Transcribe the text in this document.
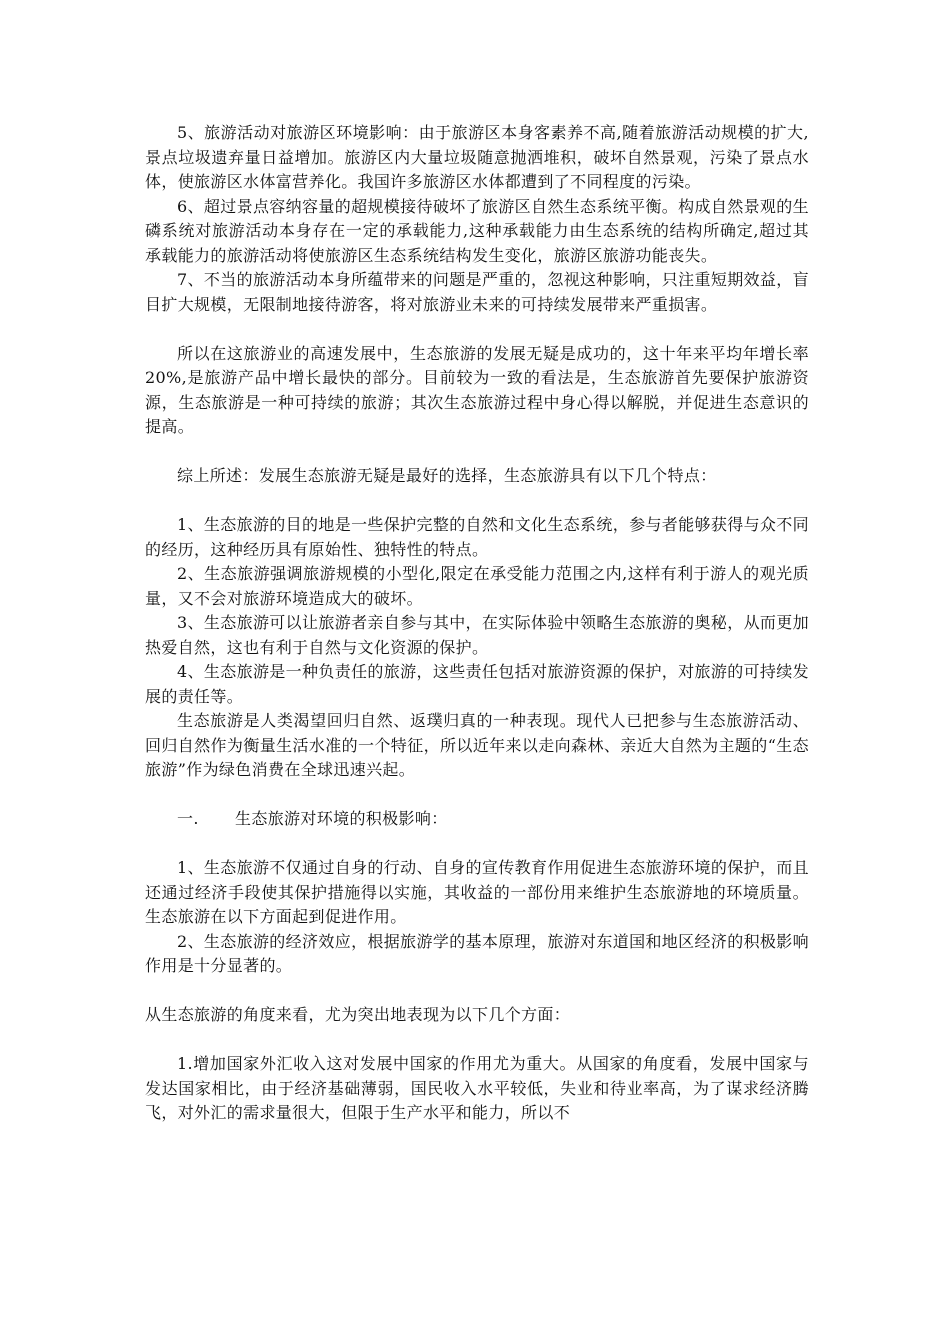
5、旅游活动对旅游区环境影响：由于旅游区本身客素养不高,随着旅游活动规模的扩大,景点垃圾遗弃量日益增加。旅游区内大量垃圾随意抛洒堆积，破坏自然景观，污染了景点水体，使旅游区水体富营养化。我国许多旅游区水体都遭到了不同程度的污染。

6、超过景点容纳容量的超规模接待破坏了旅游区自然生态系统平衡。构成自然景观的生磷系统对旅游活动本身存在一定的承载能力,这种承载能力由生态系统的结构所确定,超过其承载能力的旅游活动将使旅游区生态系统结构发生变化，旅游区旅游功能丧失。

7、不当的旅游活动本身所蕴带来的问题是严重的，忽视这种影响，只注重短期效益，盲目扩大规模，无限制地接待游客，将对旅游业未来的可持续发展带来严重损害。

所以在这旅游业的高速发展中，生态旅游的发展无疑是成功的，这十年来平均年增长率20%,是旅游产品中增长最快的部分。目前较为一致的看法是，生态旅游首先要保护旅游资源，生态旅游是一种可持续的旅游；其次生态旅游过程中身心得以解脱，并促进生态意识的提高。

综上所述：发展生态旅游无疑是最好的选择，生态旅游具有以下几个特点：

1、生态旅游的目的地是一些保护完整的自然和文化生态系统，参与者能够获得与众不同的经历，这种经历具有原始性、独特性的特点。

2、生态旅游强调旅游规模的小型化,限定在承受能力范围之内,这样有利于游人的观光质量，又不会对旅游环境造成大的破坏。

3、生态旅游可以让旅游者亲自参与其中，在实际体验中领略生态旅游的奥秘，从而更加热爱自然，这也有利于自然与文化资源的保护。

4、生态旅游是一种负责任的旅游，这些责任包括对旅游资源的保护，对旅游的可持续发展的责任等。

生态旅游是人类渴望回归自然、返璞归真的一种表现。现代人已把参与生态旅游活动、回归自然作为衡量生活水准的一个特征，所以近年来以走向森林、亲近大自然为主题的“生态旅游”作为绿色消费在全球迅速兴起。

一. 生态旅游对环境的积极影响：

1、生态旅游不仅通过自身的行动、自身的宣传教育作用促进生态旅游环境的保护，而且还通过经济手段使其保护措施得以实施，其收益的一部份用来维护生态旅游地的环境质量。生态旅游在以下方面起到促进作用。

2、生态旅游的经济效应，根据旅游学的基本原理，旅游对东道国和地区经济的积极影响作用是十分显著的。

从生态旅游的角度来看，尤为突出地表现为以下几个方面：

1.增加国家外汇收入这对发展中国家的作用尤为重大。从国家的角度看，发展中国家与发达国家相比，由于经济基础薄弱，国民收入水平较低，失业和待业率高，为了谋求经济腾飞，对外汇的需求量很大，但限于生产水平和能力，所以不
